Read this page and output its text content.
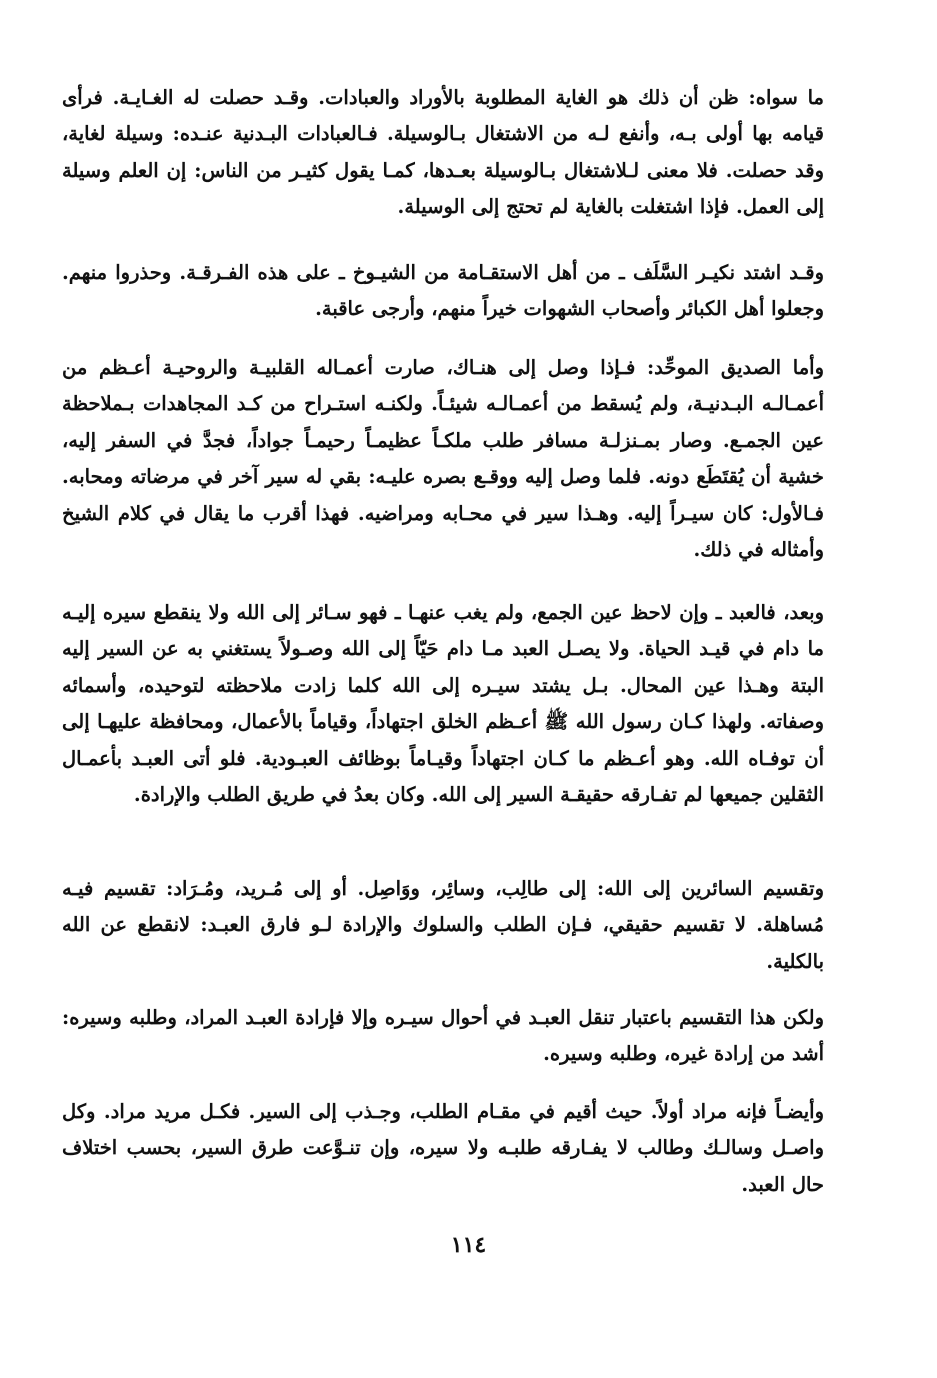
ما سواه: ظن أن ذلك هو الغاية المطلوبة بالأوراد والعبادات. وقـد حصلت له الغـايـة. فرأى قيامه بها أولى بـه، وأنفع لـه من الاشتغال بـالوسيلة. فـالعبادات البـدنية عنـده: وسيلة لغاية، وقد حصلت. فلا معنى لـلاشتغال بـالوسيلة بعـدها، كمـا يقول كثيـر من الناس: إن العلم وسيلة إلى العمل. فإذا اشتغلت بالغاية لم تحتج إلى الوسيلة.

وقـد اشتد نكيـر السَّلَف ـ من أهل الاستقـامة من الشيـوخ ـ على هذه الفـرقـة. وحذروا منهم. وجعلوا أهل الكبائر وأصحاب الشهوات خيراً منهم، وأرجى عاقبة.

وأما الصديق الموحِّد: فـإذا وصل إلى هنـاك، صارت أعمـاله القلبيـة والروحيـة أعـظم من أعمـالـه البـدنيـة، ولم يُسقط من أعمـالـه شيئـاً. ولكنـه استـراح من كـد المجاهدات بـملاحظة عين الجمـع. وصار بمـنزلـة مسافر طلب ملكـاً عظيمـاً رحيمـاً جواداً، فجدَّ في السفر إليه، خشية أن يُقتَطَع دونه. فلما وصل إليه ووقـع بصره عليـه: بقي له سير آخر في مرضاته ومحابه. فـالأول: كان سيـراً إليه. وهـذا سير في محـابه ومراضيه. فهذا أقرب ما يقال في كلام الشيخ وأمثاله في ذلك.

وبعد، فالعبد ـ وإن لاحظ عين الجمع، ولم يغب عنهـا ـ فهو سـائر إلى الله ولا ينقطع سيره إليـه ما دام في قيـد الحياة. ولا يصـل العبد مـا دام حَيّاً إلى الله وصـولاً يستغني به عن السير إليه البتة وهـذا عين المحال. بـل يشتد سيـره إلى الله كلما زادت ملاحظته لتوحيده، وأسمائه وصفاته. ولهذا كـان رسول الله ﷺ أعـظم الخلق اجتهاداً، وقياماً بالأعمال، ومحافظة عليهـا إلى أن توفـاه الله. وهو أعـظم ما كـان اجتهاداً وقيـاماً بوظائف العبـودية. فلو أتى العبـد بأعمـال الثقلين جميعها لم تفـارقه حقيقـة السير إلى الله. وكان بعدُ في طريق الطلب والإرادة.

وتقسيم السائرين إلى الله: إلى طالِب، وسائِر، ووَاصِل. أو إلى مُـريد، ومُـرَاد: تقسيم فيـه مُساهلة. لا تقسيم حقيقي، فـإن الطلب والسلوك والإرادة لـو فارق العبـد: لانقطع عن الله بالكلية.

ولكن هذا التقسيم باعتبار تنقل العبـد في أحوال سيـره وإلا فإرادة العبـد المراد، وطلبه وسيره: أشد من إرادة غيره، وطلبه وسيره.

وأيضـاً فإنه مراد أولاً. حيث أقيم في مقـام الطلب، وجـذب إلى السير. فكـل مريد مراد. وكل واصـل وسالـك وطالب لا يفـارقه طلبـه ولا سيره، وإن تنـوَّعت طرق السير، بحسب اختلاف حال العبد.

١١٤
